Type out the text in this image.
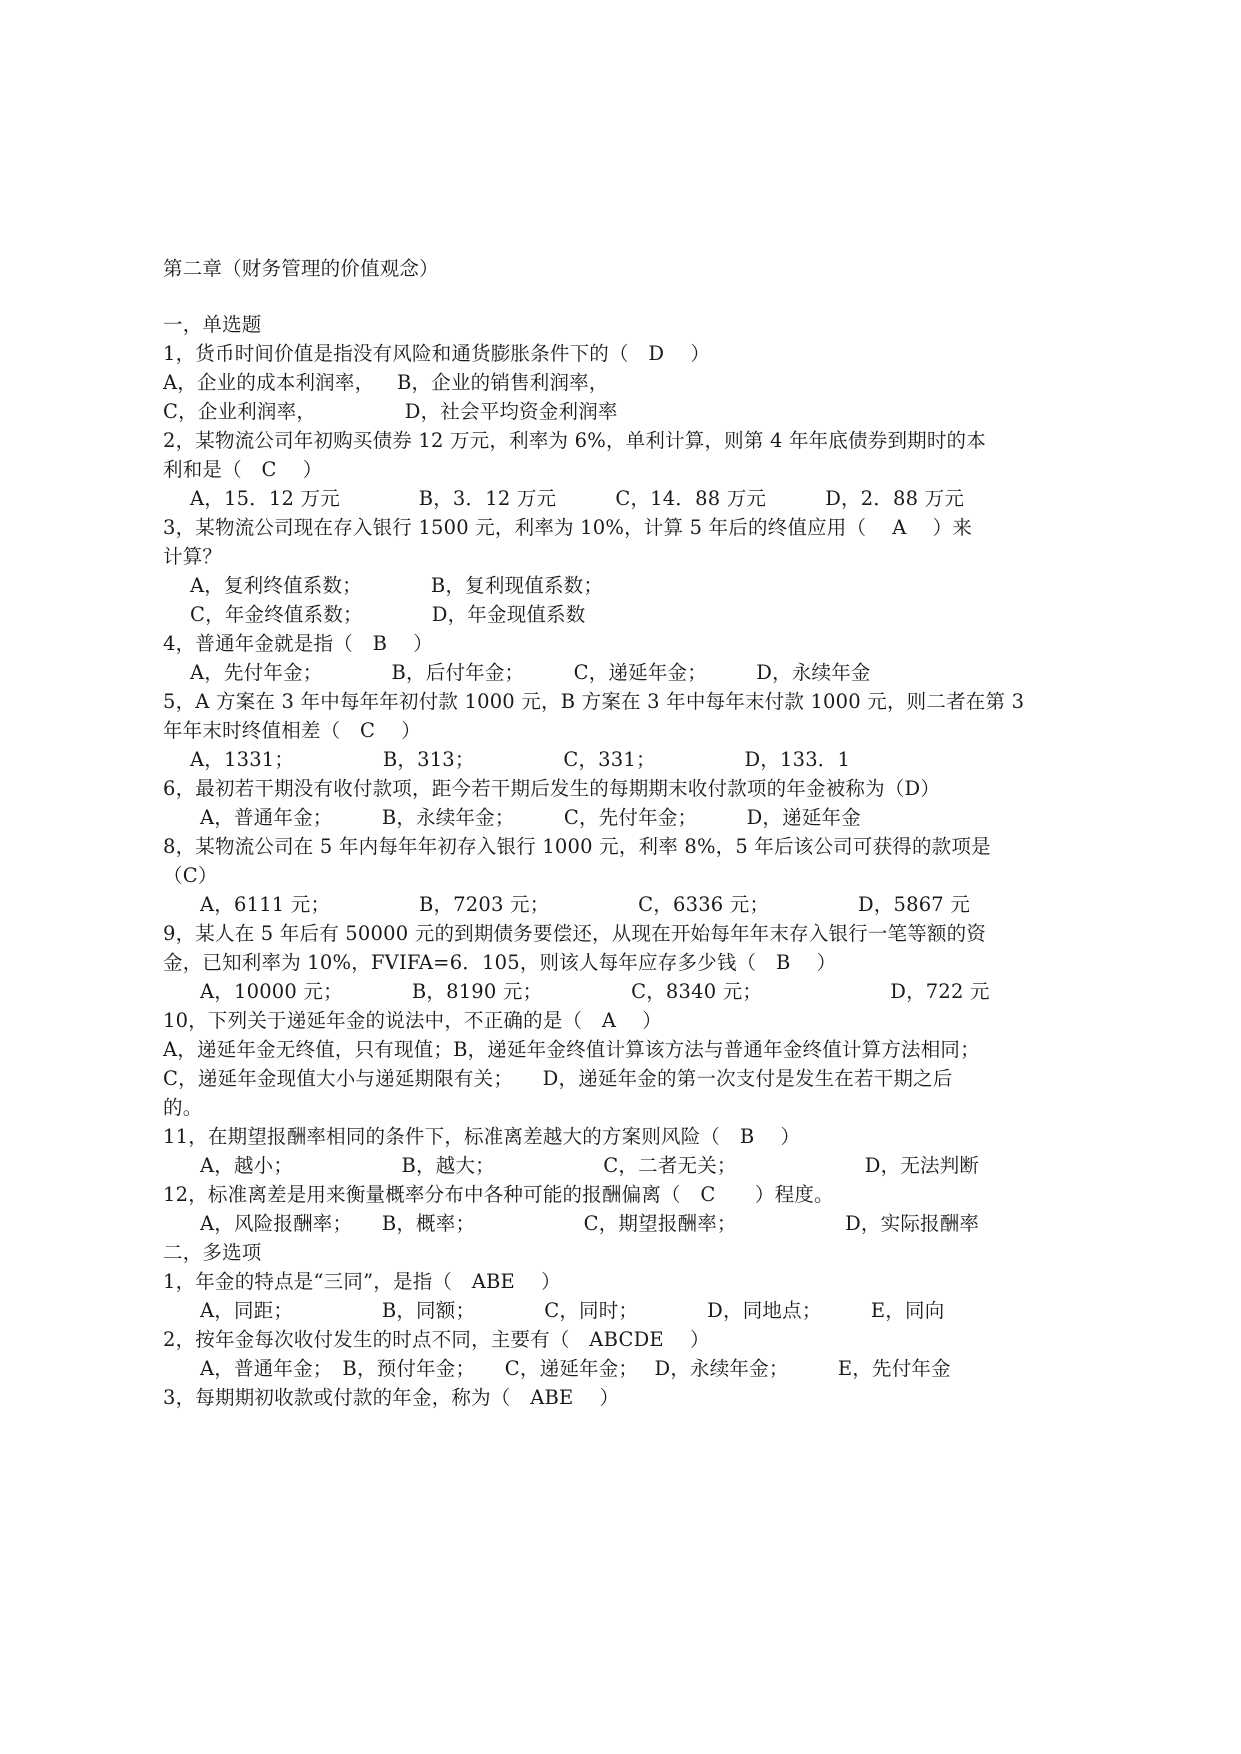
第二章（财务管理的价值观念）
一，单选题
1，货币时间价值是指没有风险和通货膨胀条件下的（　D　 ）
A，企业的成本利润率，　  B，企业的销售利润率，
C，企业利润率，　　　　　D，社会平均资金利润率
2，某物流公司年初购买债券 12 万元，利率为 6%，单利计算，则第 4 年年底债券到期时的本
利和是（　C　 ）
A，15．12 万元　　　　B，3．12 万元　　　C，14．88 万元　　　D，2．88 万元
3，某物流公司现在存入银行 1500 元，利率为 10%，计算 5 年后的终值应用（　 A　 ）来
计算？
A，复利终值系数；　　　　B，复利现值系数；
C，年金终值系数；　　　　D，年金现值系数
4，普通年金就是指（　B　 ）
A，先付年金；　　　　B，后付年金；　　　C，递延年金；　　　D，永续年金
5，A 方案在 3 年中每年年初付款 1000 元，B 方案在 3 年中每年末付款 1000 元，则二者在第 3
年年末时终值相差（　C　 ）
A，1331；　　　　　B，313；　　　　　C，331；　　　　　D，133．1
6，最初若干期没有收付款项，距今若干期后发生的每期期末收付款项的年金被称为（D）
A，普通年金；　　　B，永续年金；　　　C，先付年金；　　　D，递延年金
8，某物流公司在 5 年内每年年初存入银行 1000 元，利率 8%，5 年后该公司可获得的款项是
（C）
A，6111 元；　　　　　B，7203 元；　　　　　C，6336 元；　　　　　D，5867 元
9，某人在 5 年后有 50000 元的到期债务要偿还，从现在开始每年年末存入银行一笔等额的资
金，已知利率为 10%，FVIFA=6．105，则该人每年应存多少钱（　B　 ）
A，10000 元；　　　　B，8190 元；　　　　　C，8340 元；　　　　　　　D，722 元
10，下列关于递延年金的说法中，不正确的是（　A　 ）
A，递延年金无终值，只有现值；B，递延年金终值计算该方法与普通年金终值计算方法相同；
C，递延年金现值大小与递延期限有关；　　D，递延年金的第一次支付是发生在若干期之后
的。
11，在期望报酬率相同的条件下，标准离差越大的方案则风险（　B　 ）
A，越小；　　　　　　B，越大；　　　　　　C，二者无关；　　　　　　　D，无法判断
12，标准离差是用来衡量概率分布中各种可能的报酬偏离（　C　　）程度。
A，风险报酬率；　　B，概率；　　　　　　C，期望报酬率；　　　　　　D，实际报酬率
二，多选项
1，年金的特点是“三同”，是指（　ABE　 ）
A，同距；　　　　　B，同额；　　　　C，同时；　　　　D，同地点；　　　E，同向
2，按年金每次收付发生的时点不同，主要有（　ABCDE　 ）
A，普通年金；　B，预付年金；　　C，递延年金；　 D，永续年金；　　　E，先付年金
3，每期期初收款或付款的年金，称为（　ABE　 ）
